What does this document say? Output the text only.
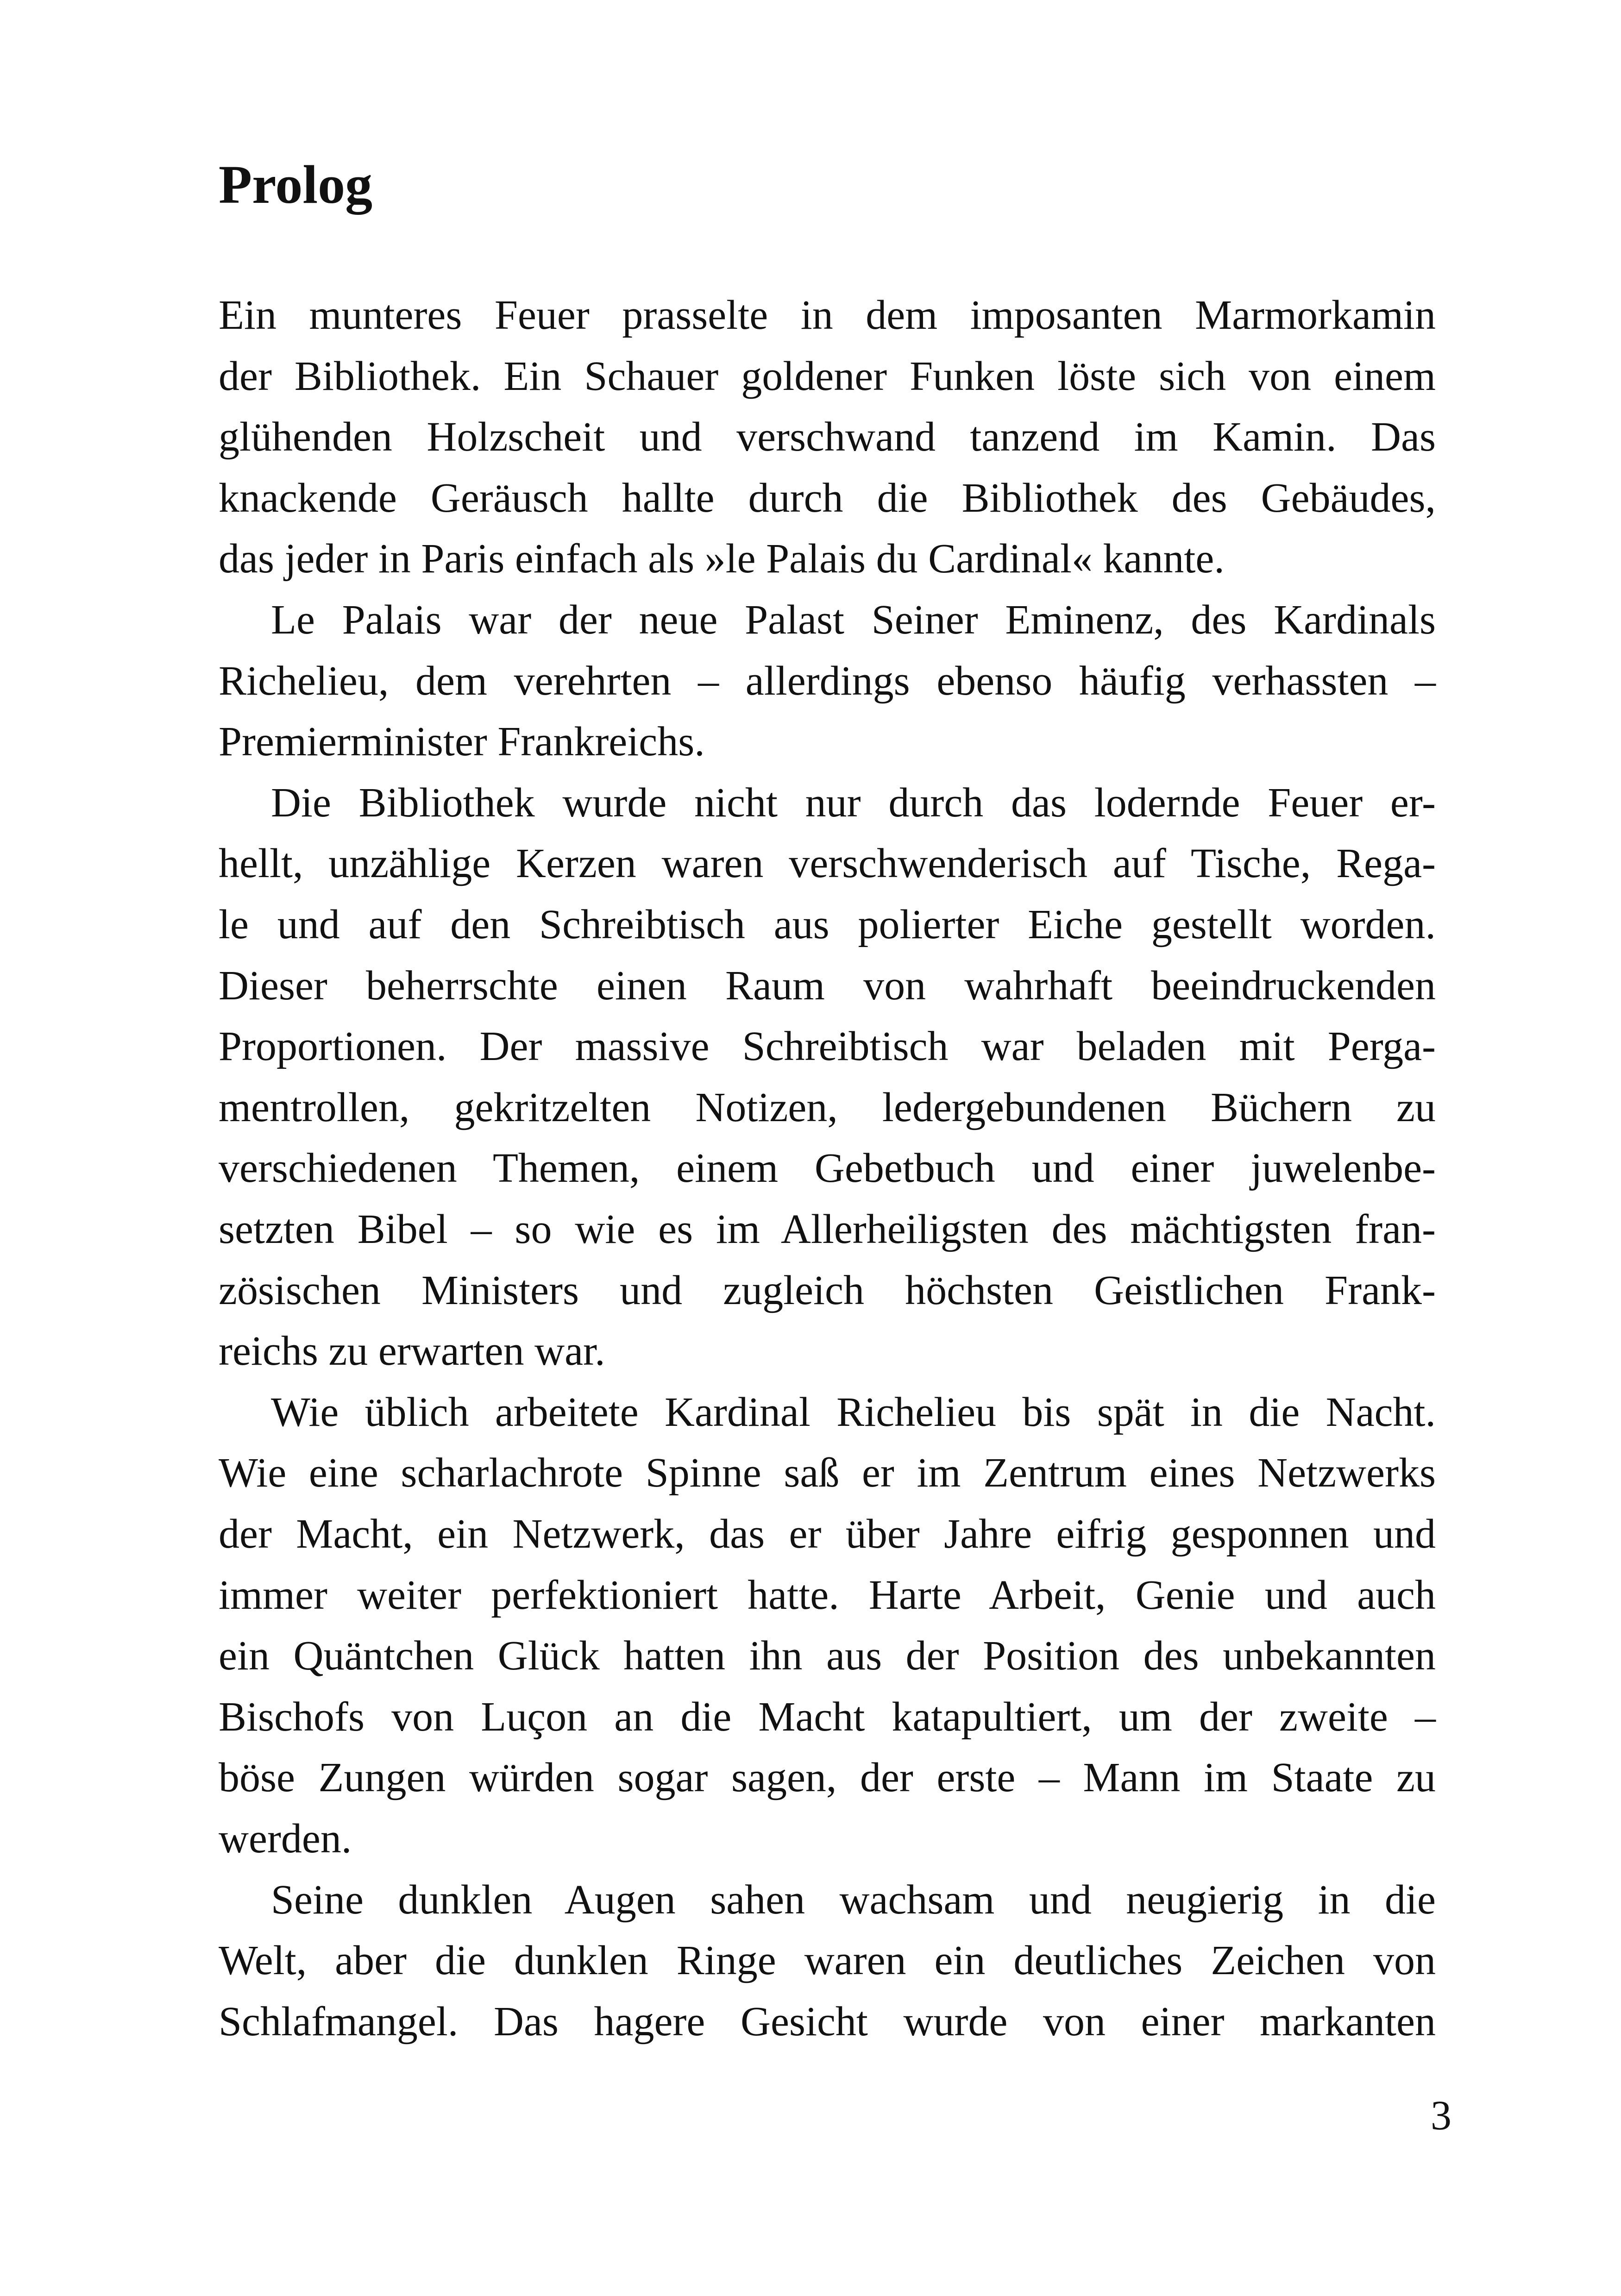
Prolog

Ein munteres Feuer prasselte in dem imposanten Marmorkamin

der Bibliothek. Ein Schauer goldener Funken löste sich von einem

glühenden Holzscheit und verschwand tanzend im Kamin. Das

knackende Geräusch hallte durch die Bibliothek des Gebäudes,

das jeder in Paris einfach als »le Palais du Cardinal« kannte.

Le Palais war der neue Palast Seiner Eminenz, des Kardinals

Richelieu, dem verehrten – allerdings ebenso häufig verhassten –

Premierminister Frankreichs.

Die Bibliothek wurde nicht nur durch das lodernde Feuer er-

hellt, unzählige Kerzen waren verschwenderisch auf Tische, Rega-

le und auf den Schreibtisch aus polierter Eiche gestellt worden.

Dieser beherrschte einen Raum von wahrhaft beeindruckenden

Proportionen. Der massive Schreibtisch war beladen mit Perga-

mentrollen, gekritzelten Notizen, ledergebundenen Büchern zu

verschiedenen Themen, einem Gebetbuch und einer juwelenbe-

setzten Bibel – so wie es im Allerheiligsten des mächtigsten fran-

zösischen Ministers und zugleich höchsten Geistlichen Frank-

reichs zu erwarten war.

Wie üblich arbeitete Kardinal Richelieu bis spät in die Nacht.

Wie eine scharlachrote Spinne saß er im Zentrum eines Netzwerks

der Macht, ein Netzwerk, das er über Jahre eifrig gesponnen und

immer weiter perfektioniert hatte. Harte Arbeit, Genie und auch

ein Quäntchen Glück hatten ihn aus der Position des unbekannten

Bischofs von Luçon an die Macht katapultiert, um der zweite –

böse Zungen würden sogar sagen, der erste – Mann im Staate zu

werden.

Seine dunklen Augen sahen wachsam und neugierig in die

Welt, aber die dunklen Ringe waren ein deutliches Zeichen von

Schlafmangel. Das hagere Gesicht wurde von einer markanten

3
